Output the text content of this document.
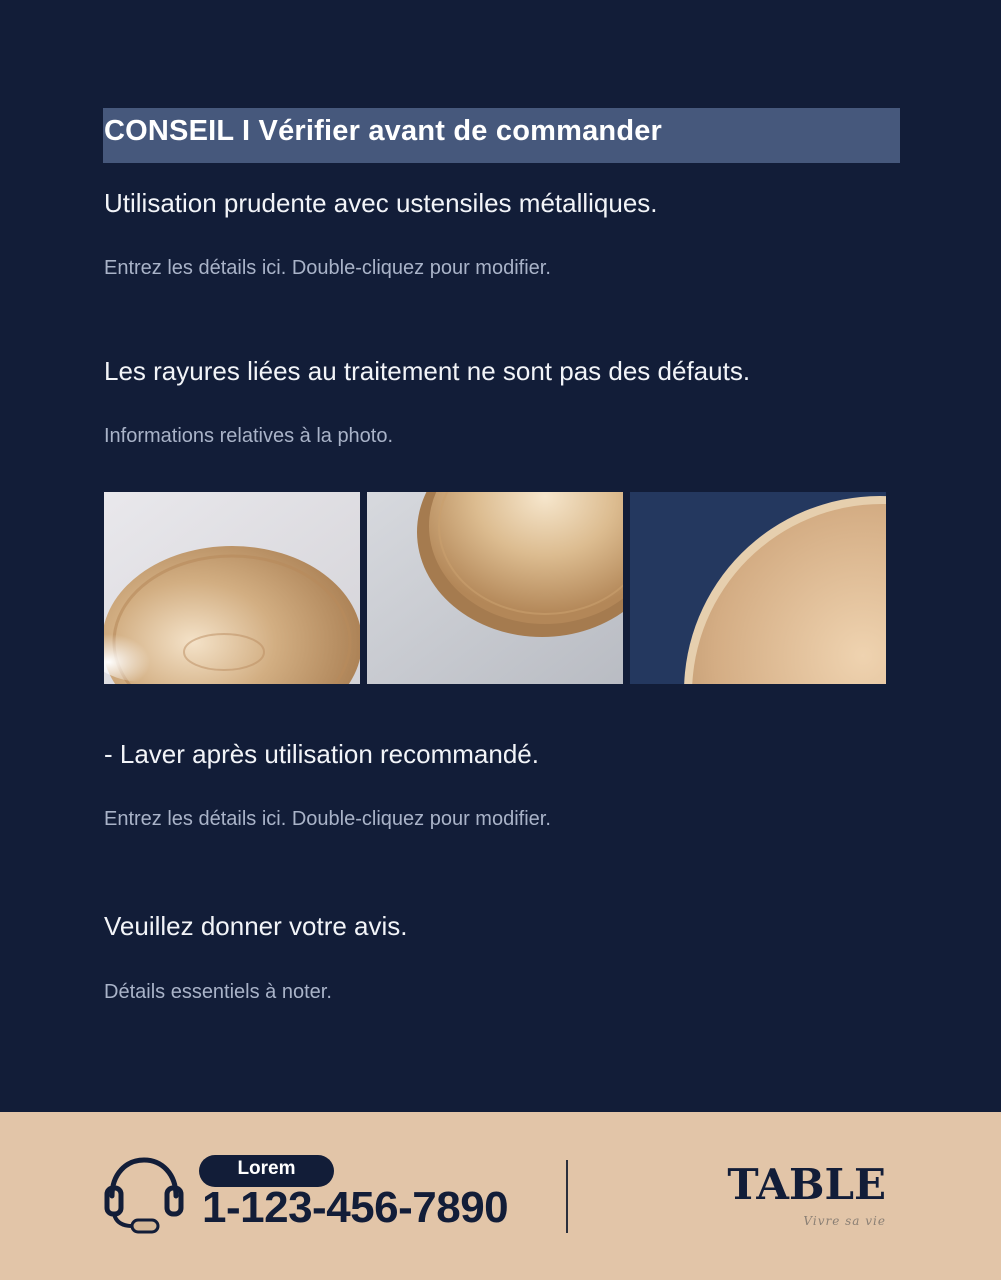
CONSEIL I Vérifier avant de commander
Utilisation prudente avec ustensiles métalliques.
Entrez les détails ici. Double-cliquez pour modifier.
Les rayures liées au traitement ne sont pas des défauts.
Informations relatives à la photo.
- Laver après utilisation recommandé.
Entrez les détails ici. Double-cliquez pour modifier.
Veuillez donner votre avis.
Détails essentiels à noter.
Lorem
1-123-456-7890	TABLE
Vivre sa vie
